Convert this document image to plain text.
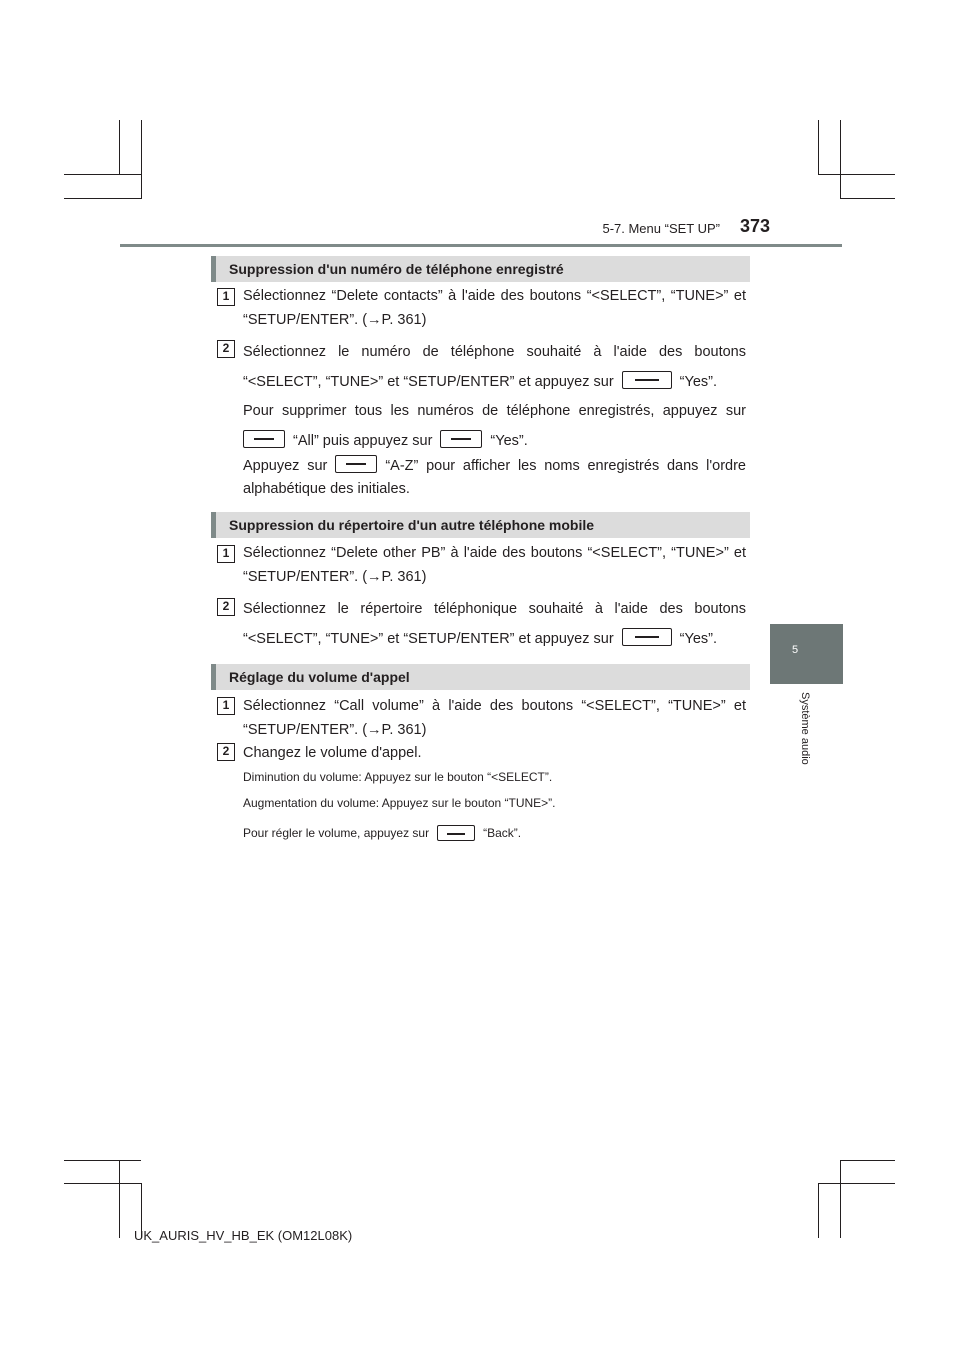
5-7. Menu “SET UP” 373
5
Système audio
Suppression d'un numéro de téléphone enregistré
1 Sélectionnez “Delete contacts” à l'aide des boutons “<SELECT”, “TUNE>” et “SETUP/ENTER”. (→P. 361)
2 Sélectionnez le numéro de téléphone souhaité à l'aide des boutons “<SELECT”, “TUNE>” et “SETUP/ENTER” et appuyez sur	“Yes”.
Pour supprimer tous les numéros de téléphone enregistrés, appuyez sur “All” puis appuyez sur	“Yes”.
Appuyez sur	“A-Z” pour afficher les noms enregistrés dans l'ordre alphabétique des initiales.
Suppression du répertoire d'un autre téléphone mobile
1 Sélectionnez “Delete other PB” à l'aide des boutons “<SELECT”, “TUNE>” et “SETUP/ENTER”. (→P. 361)
2 Sélectionnez le répertoire téléphonique souhaité à l'aide des boutons “<SELECT”, “TUNE>” et “SETUP/ENTER” et appuyez sur	“Yes”.
Réglage du volume d'appel
1 Sélectionnez “Call volume” à l'aide des boutons “<SELECT”, “TUNE>” et “SETUP/ENTER”. (→P. 361)
2 Changez le volume d'appel.
Diminution du volume: Appuyez sur le bouton “<SELECT”.
Augmentation du volume: Appuyez sur le bouton “TUNE>”.
Pour régler le volume, appuyez sur	“Back”.
UK_AURIS_HV_HB_EK (OM12L08K)
